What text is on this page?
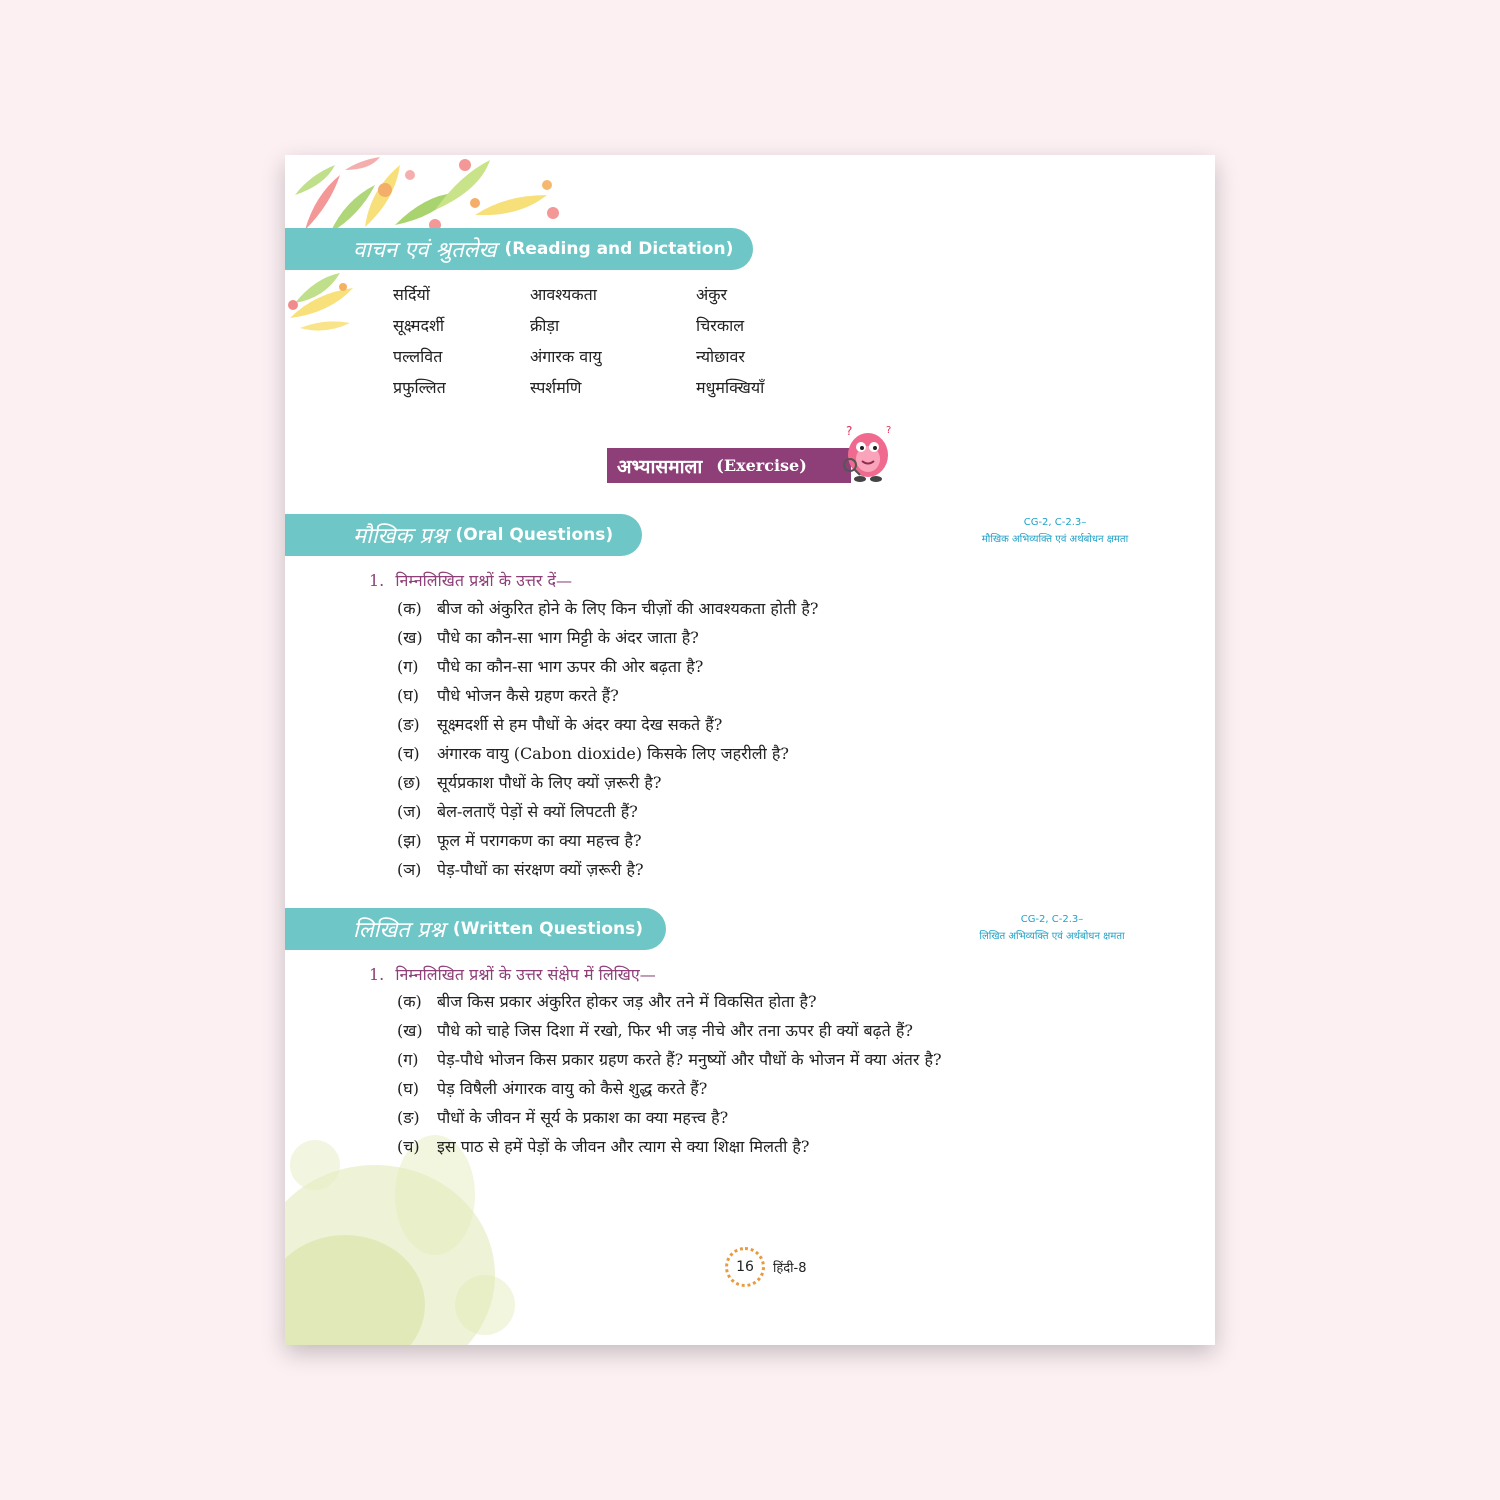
वाचन एवं श्रुतलेख (Reading and Dictation)
सर्दियों	आवश्यकता	अंकुर
सूक्ष्मदर्शी	क्रीड़ा	चिरकाल
पल्लवित	अंगारक वायु	न्योछावर
प्रफुल्लित	स्पर्शमणि	मधुमक्खियाँ
अभ्यासमाला (Exercise)
?	?
मौखिक प्रश्न (Oral Questions)
CG-2, C-2.3–
मौखिक अभिव्यक्ति एवं अर्थबोधन क्षमता
1. निम्नलिखित प्रश्नों के उत्तर दें—
(क) बीज को अंकुरित होने के लिए किन चीज़ों की आवश्यकता होती है?
(ख) पौधे का कौन-सा भाग मिट्टी के अंदर जाता है?
(ग) पौधे का कौन-सा भाग ऊपर की ओर बढ़ता है?
(घ) पौधे भोजन कैसे ग्रहण करते हैं?
(ङ) सूक्ष्मदर्शी से हम पौधों के अंदर क्या देख सकते हैं?
(च) अंगारक वायु (Cabon dioxide) किसके लिए जहरीली है?
(छ) सूर्यप्रकाश पौधों के लिए क्यों ज़रूरी है?
(ज) बेल-लताएँ पेड़ों से क्यों लिपटती हैं?
(झ) फूल में परागकण का क्या महत्त्व है?
(ञ) पेड़-पौधों का संरक्षण क्यों ज़रूरी है?
लिखित प्रश्न (Written Questions)	CG-2, C-2.3–
लिखित अभिव्यक्ति एवं अर्थबोधन क्षमता
1. निम्नलिखित प्रश्नों के उत्तर संक्षेप में लिखिए—
(क) बीज किस प्रकार अंकुरित होकर जड़ और तने में विकसित होता है?
(ख) पौधे को चाहे जिस दिशा में रखो, फिर भी जड़ नीचे और तना ऊपर ही क्यों बढ़ते हैं?
(ग) पेड़-पौधे भोजन किस प्रकार ग्रहण करते हैं? मनुष्यों और पौधों के भोजन में क्या अंतर है?
(घ) पेड़ विषैली अंगारक वायु को कैसे शुद्ध करते हैं?
(ङ) पौधों के जीवन में सूर्य के प्रकाश का क्या महत्त्व है?
(च) इस पाठ से हमें पेड़ों के जीवन और त्याग से क्या शिक्षा मिलती है?
16	हिंदी-8
